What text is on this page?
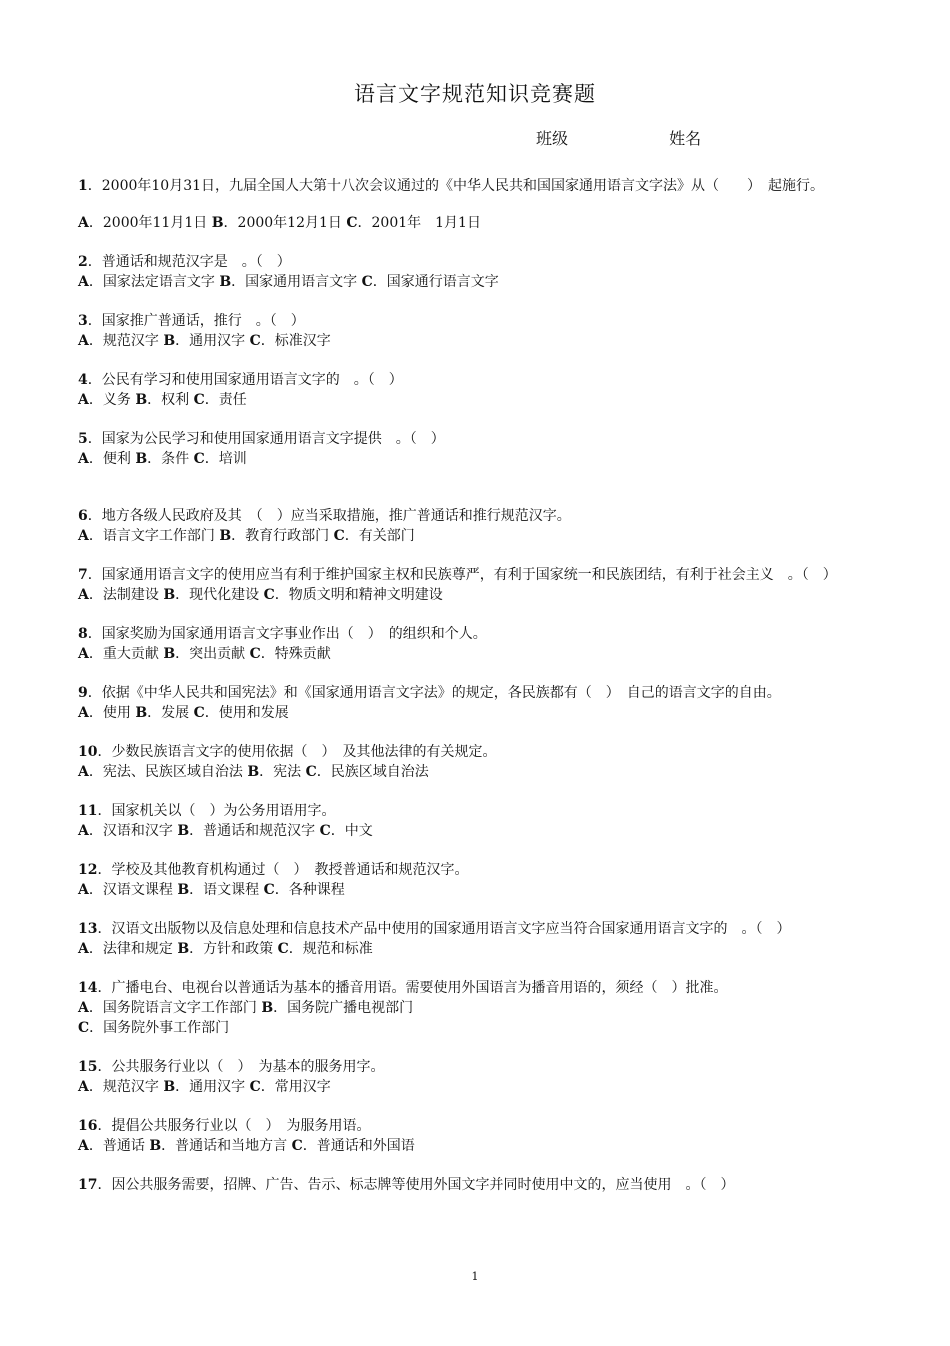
语言文字规范知识竞赛题
班级	姓名

1．2000年10月31日，九届全国人大第十八次会议通过的《中华人民共和国国家通用语言文字法》从（　　）　起施行。

A．2000年11月1日 B．2000年12月1日 C．2001年　1月1日

2．普通话和规范汉字是　。（　）

A．国家法定语言文字 B．国家通用语言文字 C．国家通行语言文字

3．国家推广普通话，推行　。（　）

A．规范汉字 B．通用汉字 C．标准汉字

4．公民有学习和使用国家通用语言文字的　。（　）

A．义务 B．权利 C．责任

5．国家为公民学习和使用国家通用语言文字提供　。（　）

A．便利 B．条件 C．培训

6．地方各级人民政府及其　（　）应当采取措施，推广普通话和推行规范汉字。

A．语言文字工作部门 B．教育行政部门 C．有关部门

7．国家通用语言文字的使用应当有利于维护国家主权和民族尊严，有利于国家统一和民族团结，有利于社会主义　。（　）

A．法制建设 B．现代化建设 C．物质文明和精神文明建设

8．国家奖励为国家通用语言文字事业作出（　）　的组织和个人。

A．重大贡献 B．突出贡献 C．特殊贡献

9．依据《中华人民共和国宪法》和《国家通用语言文字法》的规定，各民族都有（　）　自己的语言文字的自由。

A．使用 B．发展 C．使用和发展

10．少数民族语言文字的使用依据（　）　及其他法律的有关规定。

A．宪法、民族区域自治法 B．宪法 C．民族区域自治法

11．国家机关以（　）为公务用语用字。

A．汉语和汉字 B．普通话和规范汉字 C．中文

12．学校及其他教育机构通过（　）　教授普通话和规范汉字。

A．汉语文课程 B．语文课程 C．各种课程

13．汉语文出版物以及信息处理和信息技术产品中使用的国家通用语言文字应当符合国家通用语言文字的　。（　）

A．法律和规定 B．方针和政策 C．规范和标准

14．广播电台、电视台以普通话为基本的播音用语。需要使用外国语言为播音用语的，须经（　）批准。

A．国务院语言文字工作部门 B．国务院广播电视部门
C．国务院外事工作部门

15．公共服务行业以（　）　为基本的服务用字。

A．规范汉字 B．通用汉字 C．常用汉字

16．提倡公共服务行业以（　）　为服务用语。

A．普通话 B．普通话和当地方言 C．普通话和外国语

17．因公共服务需要，招牌、广告、告示、标志牌等使用外国文字并同时使用中文的，应当使用　。（　）

1
